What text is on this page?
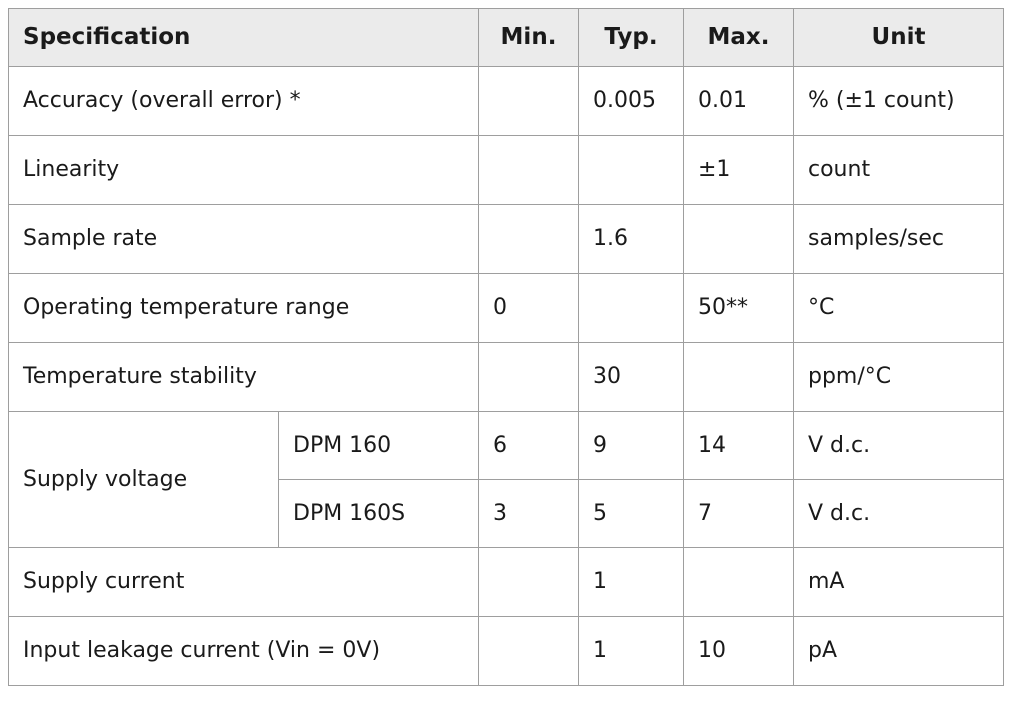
Specification		Min.	Typ.	Max.	Unit
Accuracy (overall error) *			0.005	0.01	% (±1 count)
Linearity				±1	count
Sample rate			1.6		samples/sec
Operating temperature range		0		50**	°C
Temperature stability			30		ppm/°C
Supply voltage	DPM 160	6	9	14	V d.c.
	DPM 160S	3	5	7	V d.c.
Supply current			1		mA
Input leakage current (Vin = 0V)			1	10	pA
